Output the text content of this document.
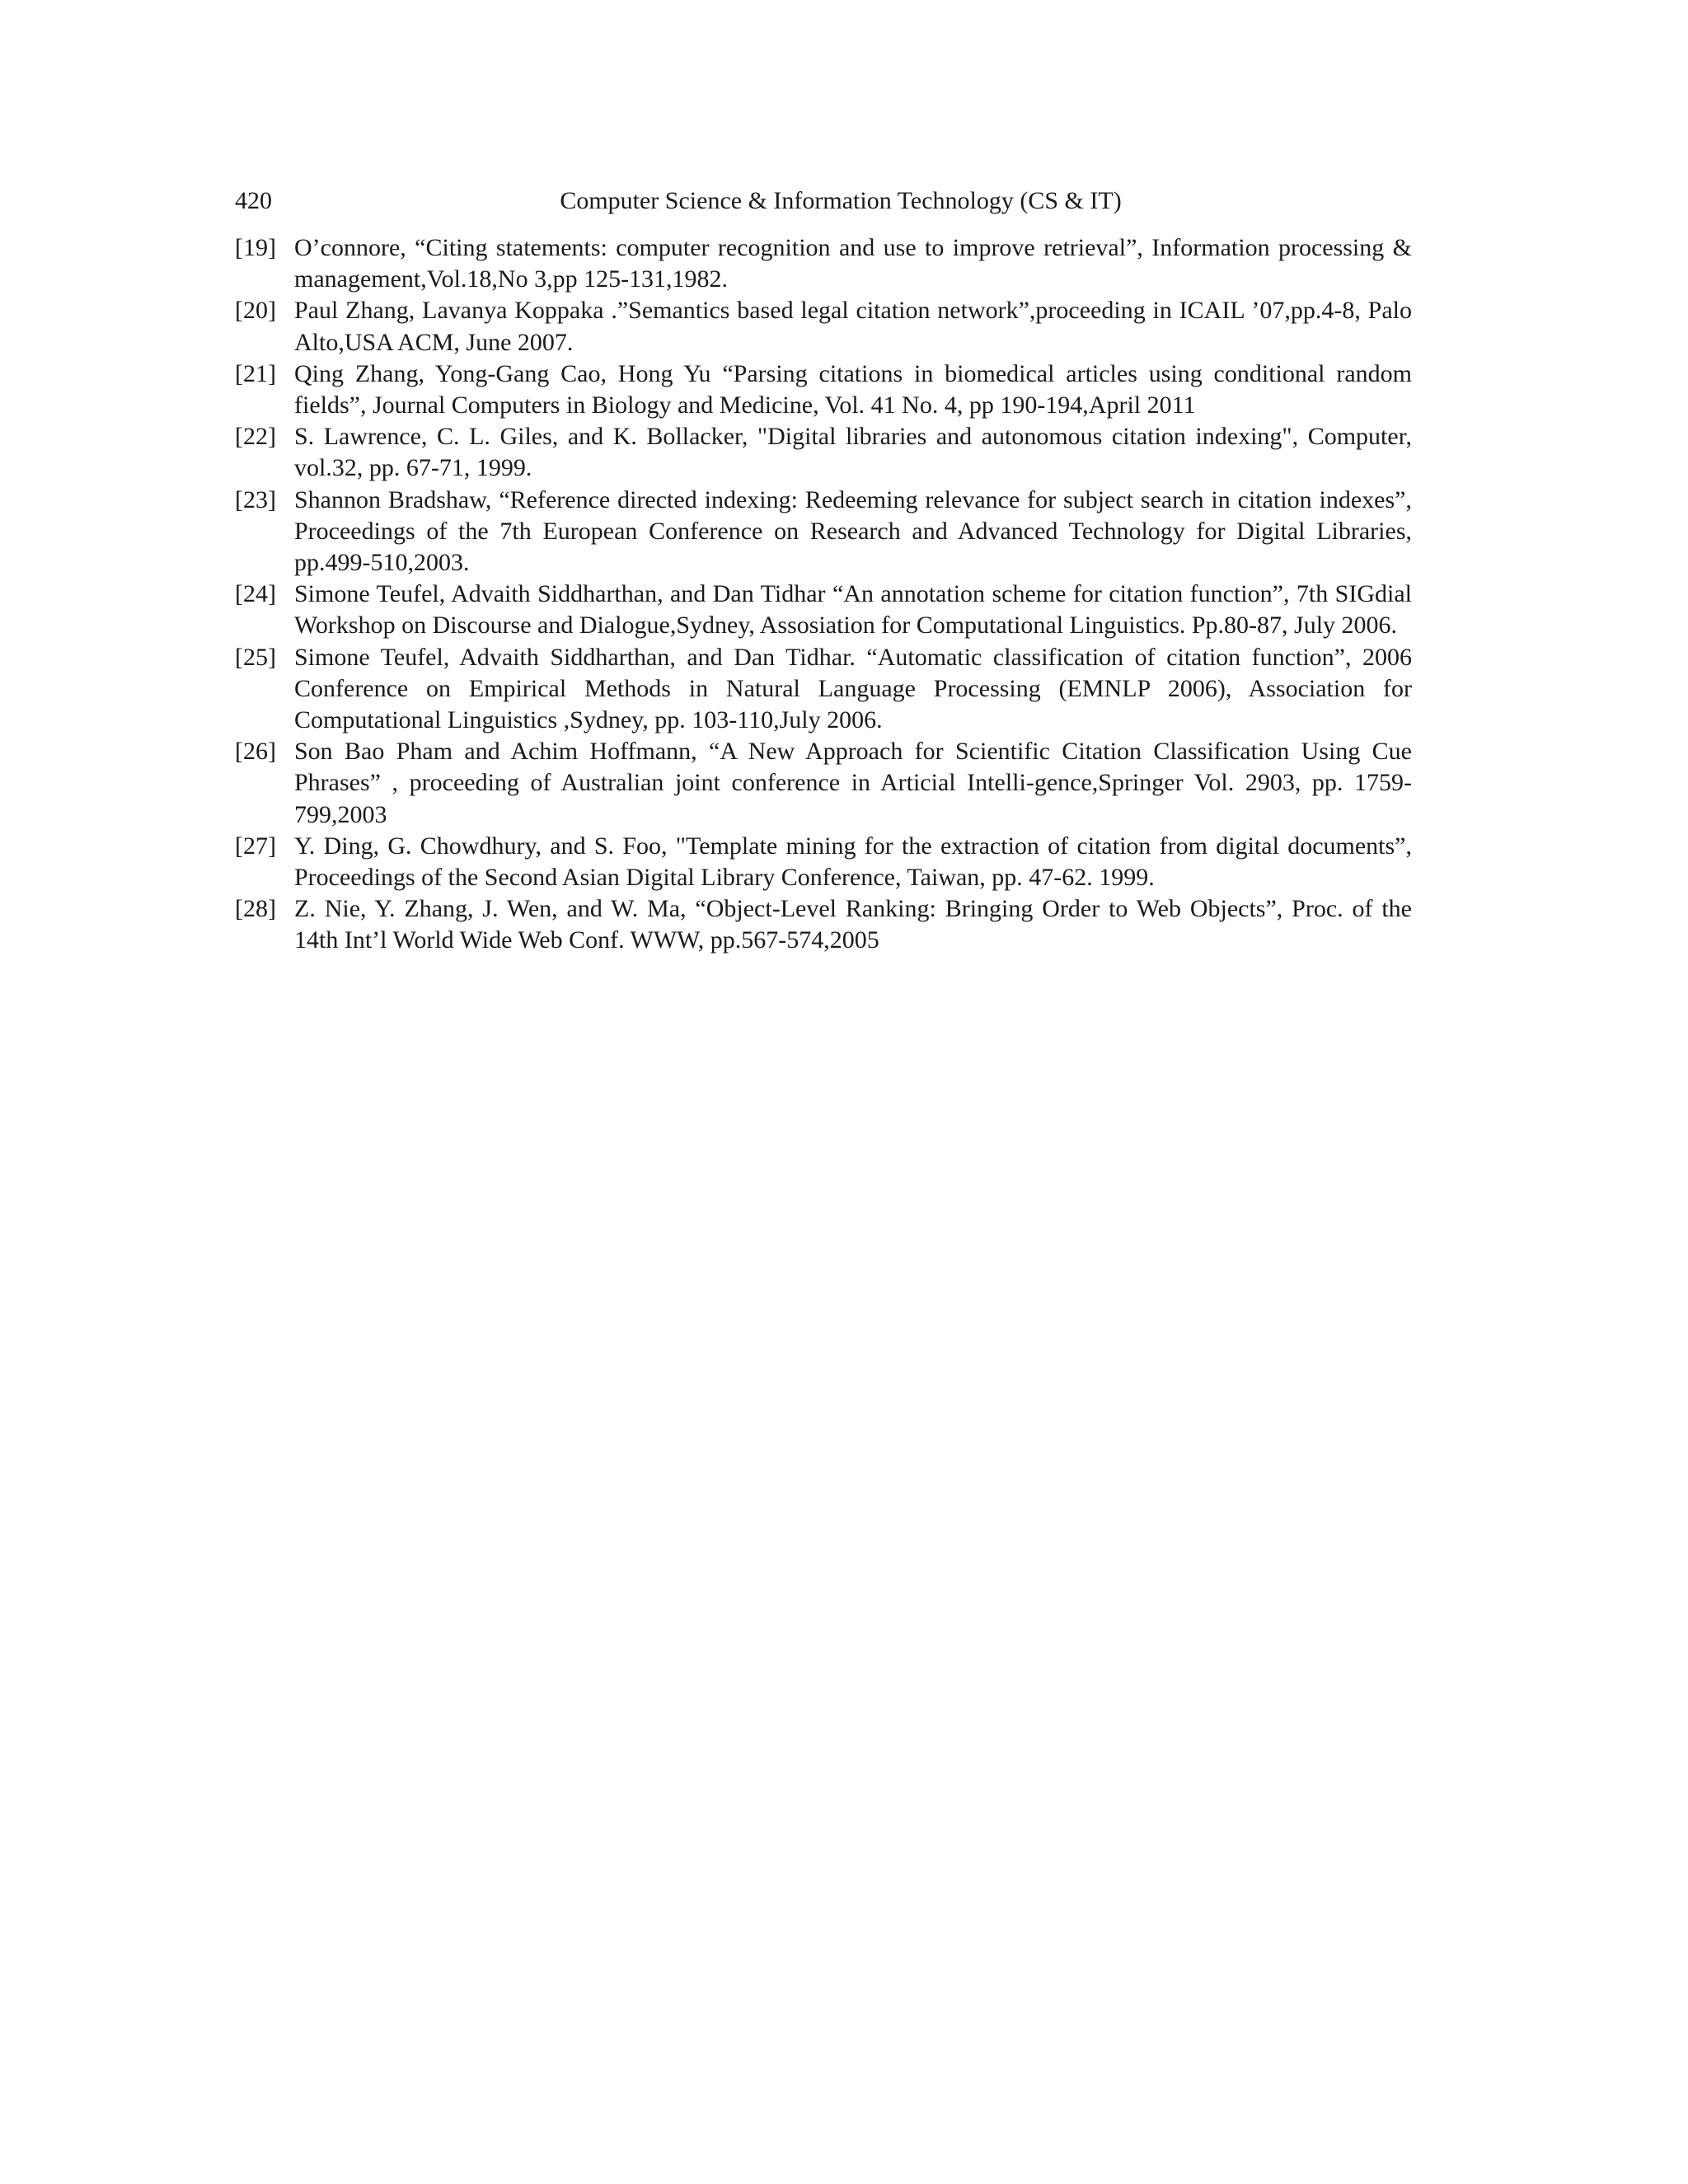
420	Computer Science & Information Technology (CS & IT)
[19] O’connore, “Citing statements: computer recognition and use to improve retrieval”, Information processing & management,Vol.18,No 3,pp 125-131,1982.
[20] Paul Zhang, Lavanya Koppaka .”Semantics based legal citation network”,proceeding in ICAIL ’07,pp.4-8, Palo Alto,USA ACM, June 2007.
[21] Qing Zhang, Yong-Gang Cao, Hong Yu “Parsing citations in biomedical articles using conditional random fields”, Journal Computers in Biology and Medicine, Vol. 41 No. 4, pp 190-194,April 2011
[22] S. Lawrence, C. L. Giles, and K. Bollacker, "Digital libraries and autonomous citation indexing", Computer, vol.32, pp. 67-71, 1999.
[23] Shannon Bradshaw, “Reference directed indexing: Redeeming relevance for subject search in citation indexes”, Proceedings of the 7th European Conference on Research and Advanced Technology for Digital Libraries, pp.499-510,2003.
[24] Simone Teufel, Advaith Siddharthan, and Dan Tidhar “An annotation scheme for citation function”, 7th SIGdial Workshop on Discourse and Dialogue,Sydney, Assosiation for Computational Linguistics. Pp.80-87, July 2006.
[25] Simone Teufel, Advaith Siddharthan, and Dan Tidhar. “Automatic classification of citation function”, 2006 Conference on Empirical Methods in Natural Language Processing (EMNLP 2006), Association for Computational Linguistics ,Sydney, pp. 103-110,July 2006.
[26] Son Bao Pham and Achim Hoffmann, “A New Approach for Scientific Citation Classification Using Cue Phrases” , proceeding of Australian joint conference in Articial Intelli-gence,Springer Vol. 2903, pp. 1759-799,2003
[27] Y. Ding, G. Chowdhury, and S. Foo, "Template mining for the extraction of citation from digital documents”, Proceedings of the Second Asian Digital Library Conference, Taiwan, pp. 47-62. 1999.
[28] Z. Nie, Y. Zhang, J. Wen, and W. Ma, “Object-Level Ranking: Bringing Order to Web Objects”, Proc. of the 14th Int’l World Wide Web Conf. WWW, pp.567-574,2005
